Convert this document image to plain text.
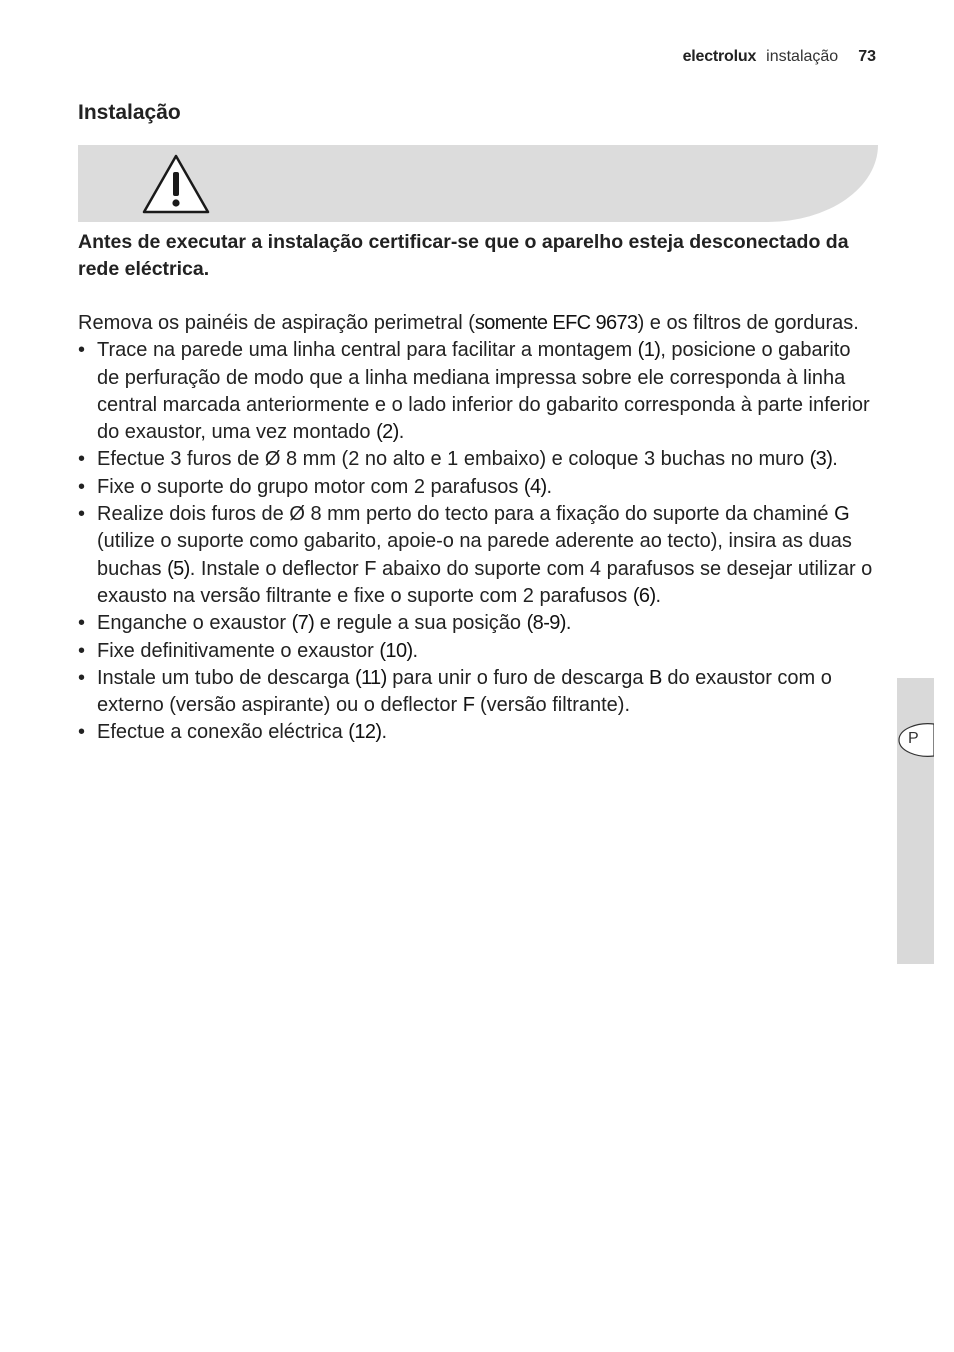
electrolux instalação 73
Instalação
Antes de executar a instalação certificar-se que o aparelho esteja desconectado da rede eléctrica.

Remova os painéis de aspiração perimetral (somente EFC 9673) e os filtros de gorduras.

• Trace na parede uma linha central para facilitar a montagem (1), posicione o gabarito de perfuração de modo que a linha mediana impressa sobre ele corresponda à linha central marcada anteriormente e o lado inferior do gabarito corresponda à parte inferior do exaustor, uma vez montado (2).
• Efectue 3 furos de Ø 8 mm (2 no alto e 1 embaixo) e coloque 3 buchas no muro (3).
• Fixe o suporte do grupo motor com 2 parafusos (4).
• Realize dois furos de Ø 8 mm perto do tecto para a fixação do suporte da chaminé G (utilize o suporte como gabarito, apoie-o na parede aderente ao tecto), insira as duas buchas (5). Instale o deflector F abaixo do suporte com 4 parafusos se desejar utilizar o exausto na versão filtrante e fixe o suporte com 2 parafusos (6).
• Enganche o exaustor (7) e regule a sua posição (8-9).
• Fixe definitivamente o exaustor (10).
• Instale um tubo de descarga (11) para unir o furo de descarga B do exaustor com o externo (versão aspirante) ou o deflector F (versão filtrante).
• Efectue a conexão eléctrica (12).	P
